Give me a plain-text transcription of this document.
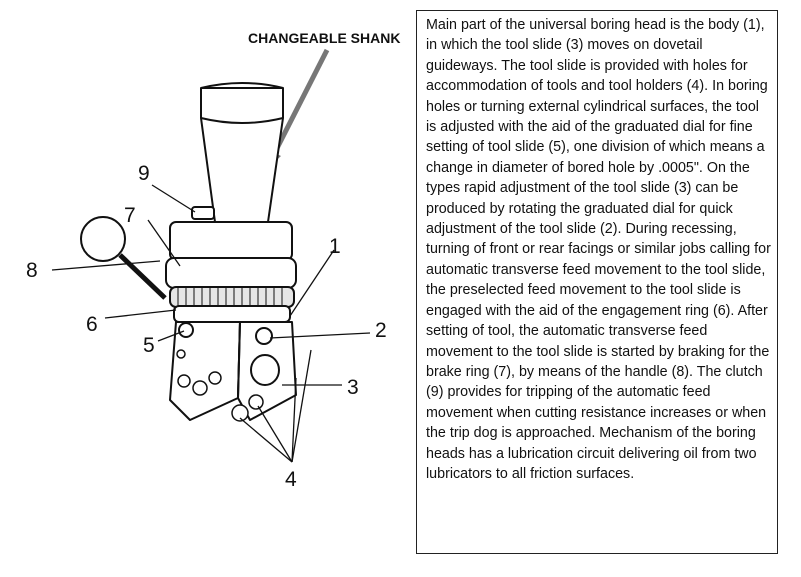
CHANGEABLE SHANK
1
2
3
4
5
6
7
8
9

Main part of the universal boring head is the body (1), in which the tool slide (3) moves on dovetail guideways. The tool slide is provided with holes for accommodation of tools and tool holders (4). In boring holes or turning external cylindrical surfaces, the tool is adjusted with the aid of the graduated dial for fine setting of tool slide (5), one division of which means a change in diameter of bored hole by .0005". On the types rapid adjustment of the tool slide (3) can be produced by rotating the graduated dial for quick adjustment of the tool slide (2). During recessing, turning of front or rear facings or similar jobs calling for automatic transverse feed movement to the tool slide, the preselected feed movement to the tool slide is engaged with the aid of the engagement ring (6). After setting of tool, the automatic transverse feed movement to the tool slide is started by braking for the brake ring (7), by means of the handle (8). The clutch (9) provides for tripping of the automatic feed movement when cutting resistance increases or when the trip dog is approached. Mechanism of the boring heads has a lubrication circuit delivering oil from two lubricators to all friction surfaces.
